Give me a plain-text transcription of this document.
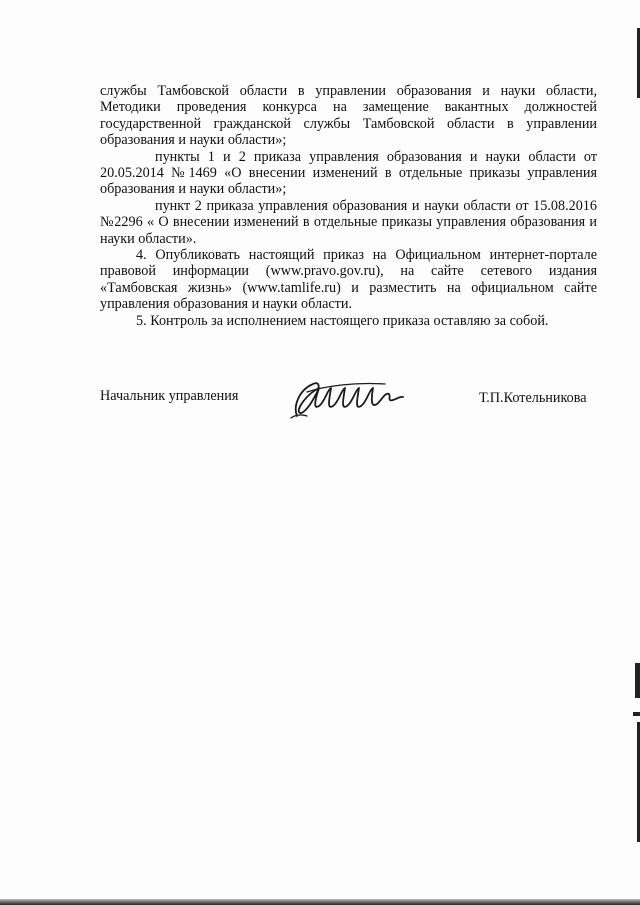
службы Тамбовской области в управлении образования и науки области, Методики проведения конкурса на замещение вакантных должностей государственной гражданской службы Тамбовской области в управлении образования и науки области»;

пункты 1 и 2 приказа управления образования и науки области от 20.05.2014 №1469 «О внесении изменений в отдельные приказы управления образования и науки области»;

пункт 2 приказа управления образования и науки области от 15.08.2016 №2296 « О внесении изменений в отдельные приказы управления образования и науки области».

4. Опубликовать настоящий приказ на Официальном интернет-портале правовой информации (www.pravo.gov.ru), на сайте сетевого издания «Тамбовская жизнь» (www.tamlife.ru) и разместить на официальном сайте управления образования и науки области.

5. Контроль за исполнением настоящего приказа оставляю за собой.

Начальник управления	Т.П.Котельникова
